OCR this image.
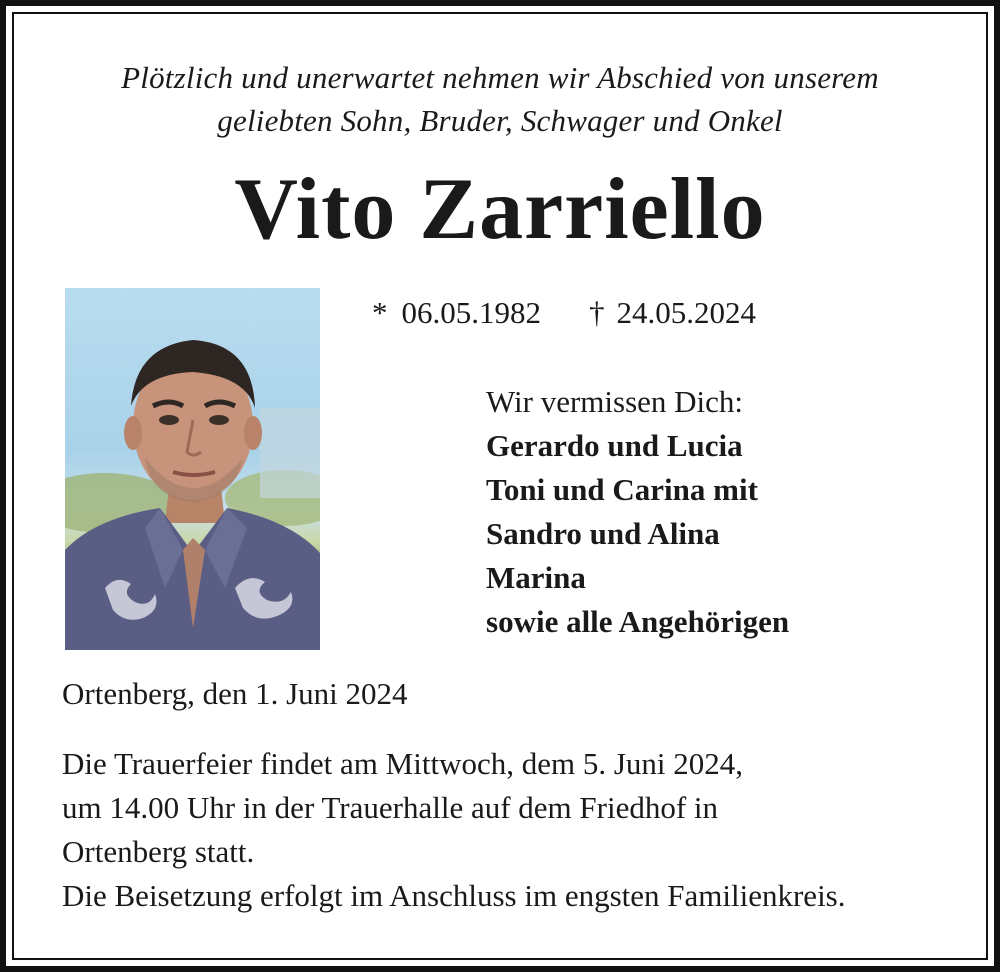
Plötzlich und unerwartet nehmen wir Abschied von unserem
geliebten Sohn, Bruder, Schwager und Onkel
Vito Zarriello
* 06.05.1982 † 24.05.2024
Wir vermissen Dich:
Gerardo und Lucia
Toni und Carina mit
Sandro und Alina
Marina
sowie alle Angehörigen
Ortenberg, den 1. Juni 2024
Die Trauerfeier findet am Mittwoch, dem 5. Juni 2024,
um 14.00 Uhr in der Trauerhalle auf dem Friedhof in
Ortenberg statt.
Die Beisetzung erfolgt im Anschluss im engsten Familienkreis.
